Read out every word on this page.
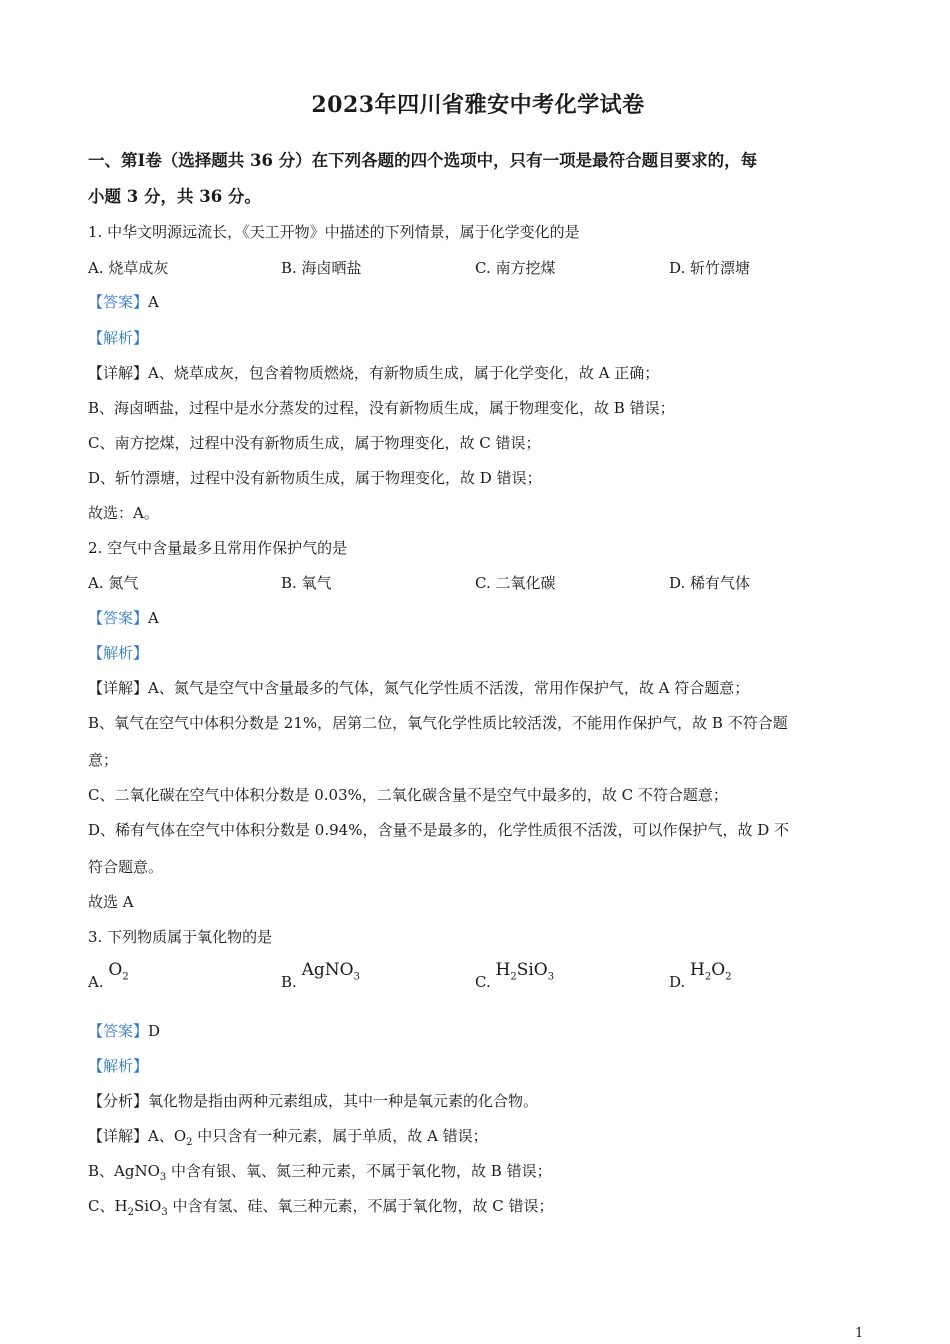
2023年四川省雅安中考化学试卷
一、第Ⅰ卷（选择题共 36 分）在下列各题的四个选项中，只有一项是最符合题目要求的，每
小题 3 分，共 36 分。
1. 中华文明源远流长，《天工开物》中描述的下列情景，属于化学变化的是
A. 烧草成灰	B. 海卤晒盐	C. 南方挖煤	D. 斩竹漂塘
【答案】A
【解析】
【详解】A、烧草成灰，包含着物质燃烧，有新物质生成，属于化学变化，故 A 正确；
B、海卤晒盐，过程中是水分蒸发的过程，没有新物质生成，属于物理变化，故 B 错误；
C、南方挖煤，过程中没有新物质生成，属于物理变化，故 C 错误；
D、斩竹漂塘，过程中没有新物质生成，属于物理变化，故 D 错误；
故选：A。
2. 空气中含量最多且常用作保护气的是
A. 氮气	B. 氧气	C. 二氧化碳	D. 稀有气体
【答案】A
【解析】
【详解】A、氮气是空气中含量最多的气体，氮气化学性质不活泼，常用作保护气，故 A 符合题意；
B、氧气在空气中体积分数是 21%，居第二位，氧气化学性质比较活泼，不能用作保护气，故 B 不符合题
意；
C、二氧化碳在空气中体积分数是 0.03%，二氧化碳含量不是空气中最多的，故 C 不符合题意；
D、稀有气体在空气中体积分数是 0.94%，含量不是最多的，化学性质很不活泼，可以作保护气，故 D 不
符合题意。
故选 A
3. 下列物质属于氧化物的是
A. $O_2$	B. AgNO$_3$	C. $H_2SiO_3$	D. $H_2O_2$
【答案】D
【解析】
【分析】氧化物是指由两种元素组成，其中一种是氧元素的化合物。
【详解】A、$O_2$ 中只含有一种元素，属于单质，故 A 错误；
B、AgNO$_3$ 中含有银、氧、氮三种元素，不属于氧化物，故 B 错误；
C、$H_2SiO_3$ 中含有氢、硅、氧三种元素，不属于氧化物，故 C 错误；
1
